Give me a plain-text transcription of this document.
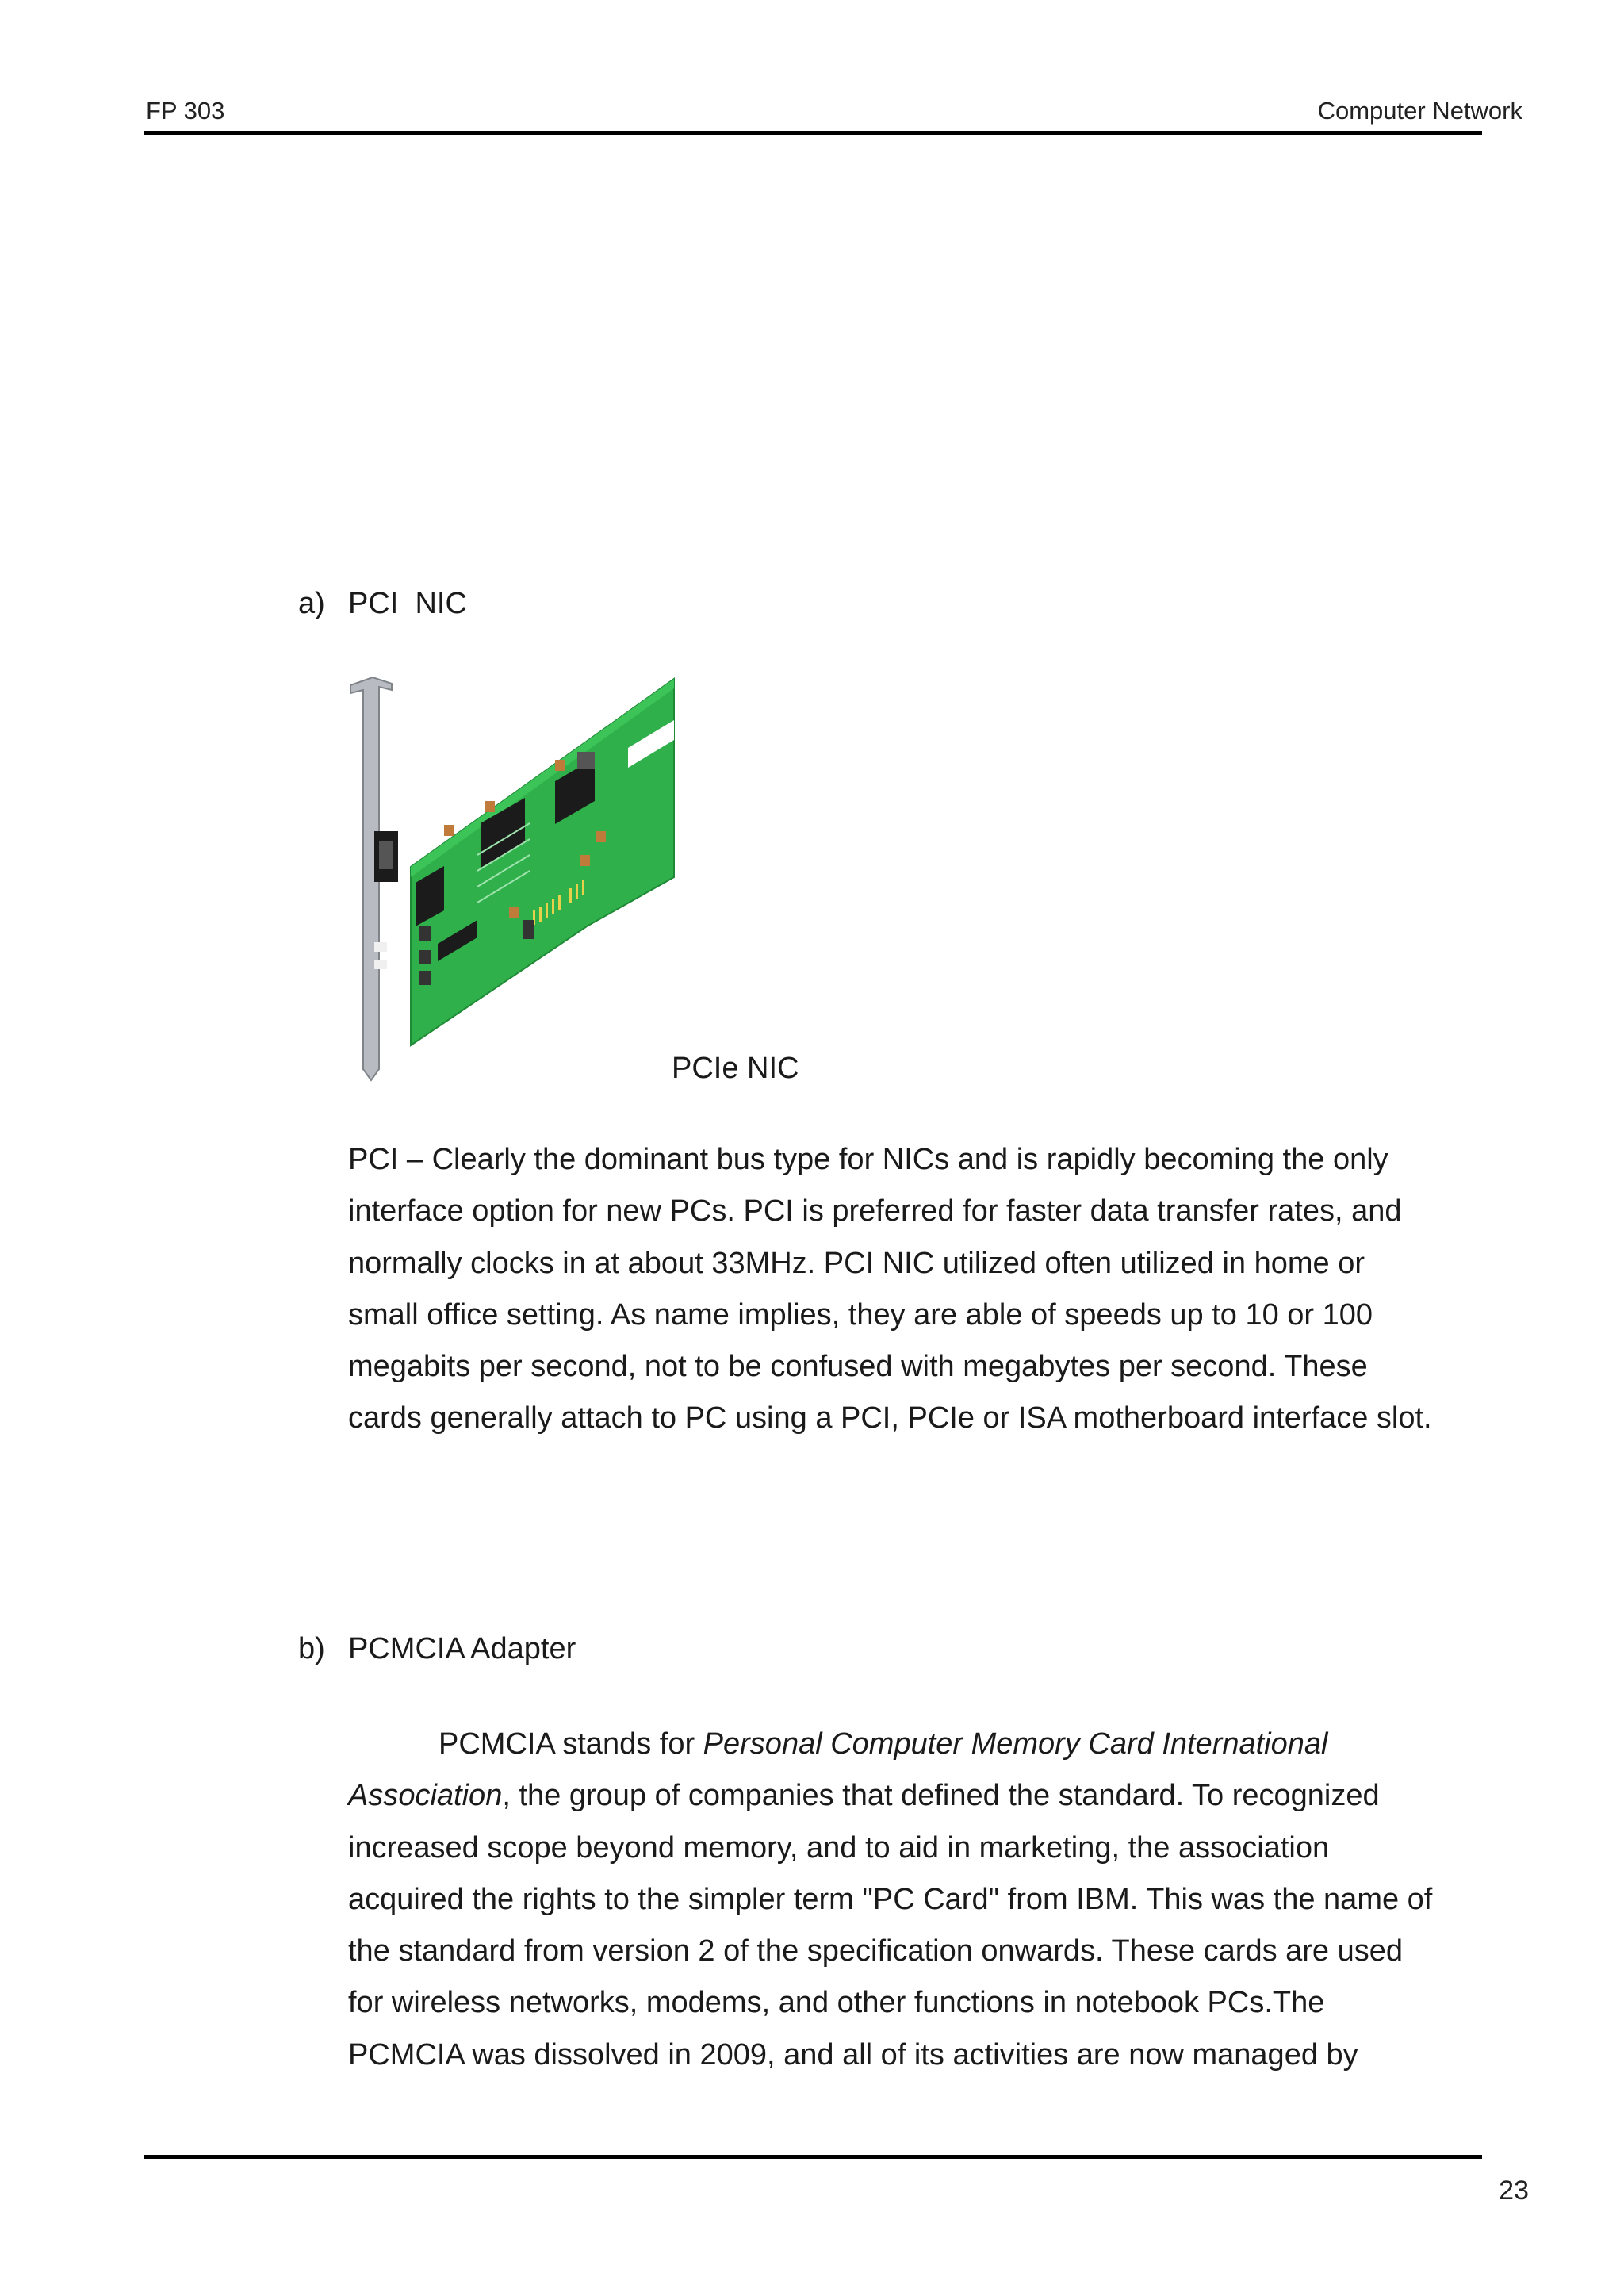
FP 303	Computer Network
a) PCI  NIC
PCIe NIC

PCI – Clearly the dominant bus type for NICs and is rapidly becoming the only interface option for new PCs. PCI is preferred for faster data transfer rates, and normally clocks in at about 33MHz. PCI NIC utilized often utilized in home or small office setting. As name implies, they are able of speeds up to 10 or 100 megabits per second, not to be confused with megabytes per second. These cards generally attach to PC using a PCI, PCIe or ISA motherboard interface slot.

b) PCMCIA Adapter

PCMCIA stands for Personal Computer Memory Card International Association, the group of companies that defined the standard. To recognized increased scope beyond memory, and to aid in marketing, the association acquired the rights to the simpler term "PC Card" from IBM. This was the name of the standard from version 2 of the specification onwards. These cards are used for wireless networks, modems, and other functions in notebook PCs.The PCMCIA was dissolved in 2009, and all of its activities are now managed by

23
